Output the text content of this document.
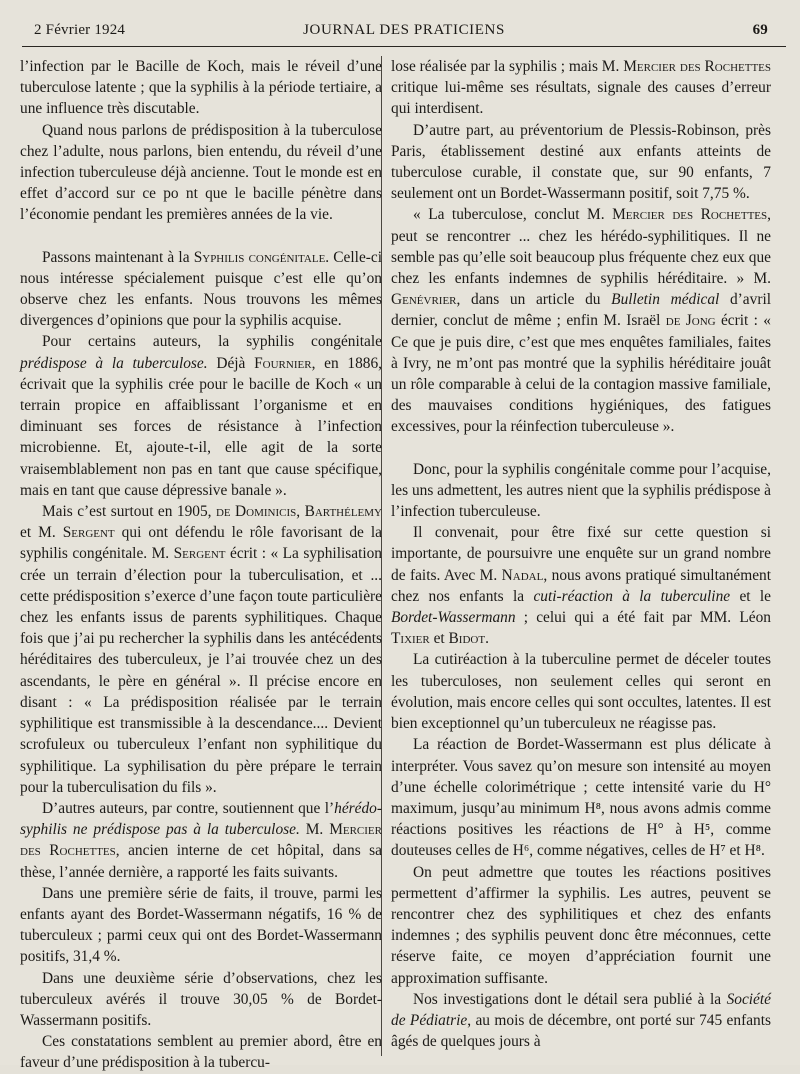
2 Février 1924	JOURNAL DES PRATICIENS	69

l’infection par le Bacille de Koch, mais le réveil d’une tuberculose latente ; que la syphilis à la période tertiaire, a une influence très discutable.

Quand nous parlons de prédisposition à la tuberculose chez l’adulte, nous parlons, bien entendu, du réveil d’une infection tuberculeuse déjà ancienne. Tout le monde est en effet d’accord sur ce po nt que le bacille pénètre dans l’économie pendant les premières années de la vie.

Passons maintenant à la Syphilis congénitale. Celle-ci nous intéresse spécialement puisque c’est elle qu’on observe chez les enfants. Nous trouvons les mêmes divergences d’opinions que pour la syphilis acquise.

Pour certains auteurs, la syphilis congénitale prédispose à la tuberculose. Déjà Fournier, en 1886, écrivait que la syphilis crée pour le bacille de Koch « un terrain propice en affaiblissant l’organisme et en diminuant ses forces de résistance à l’infection microbienne. Et, ajoute-t-il, elle agit de la sorte vraisemblablement non pas en tant que cause spécifique, mais en tant que cause dépressive banale ».

Mais c’est surtout en 1905, de Dominicis, Barthélemy et M. Sergent qui ont défendu le rôle favorisant de la syphilis congénitale. M. Sergent écrit : « La syphilisation crée un terrain d’élection pour la tuberculisation, et ... cette prédisposition s’exerce d’une façon toute particulière chez les enfants issus de parents syphilitiques. Chaque fois que j’ai pu rechercher la syphilis dans les antécédents héréditaires des tuberculeux, je l’ai trouvée chez un des ascendants, le père en général ». Il précise encore en disant : « La prédisposition réalisée par le terrain syphilitique est transmissible à la descendance.... Devient scrofuleux ou tuberculeux l’enfant non syphilitique du syphilitique. La syphilisation du père prépare le terrain pour la tuberculisation du fils ».

D’autres auteurs, par contre, soutiennent que l’hérédo-syphilis ne prédispose pas à la tuberculose. M. Mercier des Rochettes, ancien interne de cet hôpital, dans sa thèse, l’année dernière, a rapporté les faits suivants.

Dans une première série de faits, il trouve, parmi les enfants ayant des Bordet-Wassermann négatifs, 16 % de tuberculeux ; parmi ceux qui ont des Bordet-Wassermann positifs, 31,4 %.

Dans une deuxième série d’observations, chez les tuberculeux avérés il trouve 30,05 % de Bordet-Wassermann positifs.

Ces constatations semblent au premier abord, être en faveur d’une prédisposition à la tubercu-

lose réalisée par la syphilis ; mais M. Mercier des Rochettes critique lui-même ses résultats, signale des causes d’erreur qui interdisent.

D’autre part, au préventorium de Plessis-Robinson, près Paris, établissement destiné aux enfants atteints de tuberculose curable, il constate que, sur 90 enfants, 7 seulement ont un Bordet-Wassermann positif, soit 7,75 %.

« La tuberculose, conclut M. Mercier des Rochettes, peut se rencontrer ... chez les hérédo-syphilitiques. Il ne semble pas qu’elle soit beaucoup plus fréquente chez eux que chez les enfants indemnes de syphilis héréditaire. » M. Genévrier, dans un article du Bulletin médical d’avril dernier, conclut de même ; enfin M. Israël de Jong écrit : « Ce que je puis dire, c’est que mes enquêtes familiales, faites à Ivry, ne m’ont pas montré que la syphilis héréditaire jouât un rôle comparable à celui de la contagion massive familiale, des mauvaises conditions hygiéniques, des fatigues excessives, pour la réinfection tuberculeuse ».

Donc, pour la syphilis congénitale comme pour l’acquise, les uns admettent, les autres nient que la syphilis prédispose à l’infection tuberculeuse.

Il convenait, pour être fixé sur cette question si importante, de poursuivre une enquête sur un grand nombre de faits. Avec M. Nadal, nous avons pratiqué simultanément chez nos enfants la cuti-réaction à la tuberculine et le Bordet-Wassermann ; celui qui a été fait par MM. Léon Tixier et Bidot.

La cutiréaction à la tuberculine permet de déceler toutes les tuberculoses, non seulement celles qui seront en évolution, mais encore celles qui sont occultes, latentes. Il est bien exceptionnel qu’un tuberculeux ne réagisse pas.

La réaction de Bordet-Wassermann est plus délicate à interpréter. Vous savez qu’on mesure son intensité au moyen d’une échelle colorimétrique ; cette intensité varie du H° maximum, jusqu’au minimum H⁸, nous avons admis comme réactions positives les réactions de H° à H⁵, comme douteuses celles de H⁶, comme négatives, celles de H⁷ et H⁸.

On peut admettre que toutes les réactions positives permettent d’affirmer la syphilis. Les autres, peuvent se rencontrer chez des syphilitiques et chez des enfants indemnes ; des syphilis peuvent donc être méconnues, cette réserve faite, ce moyen d’appréciation fournit une approximation suffisante.

Nos investigations dont le détail sera publié à la Société de Pédiatrie, au mois de décembre, ont porté sur 745 enfants âgés de quelques jours à
